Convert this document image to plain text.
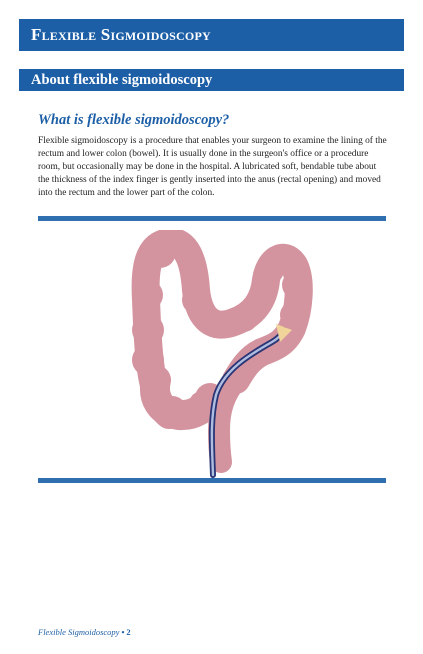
Flexible Sigmoidoscopy
About flexible sigmoidoscopy
What is flexible sigmoidoscopy?

Flexible sigmoidoscopy is a procedure that enables your surgeon to examine the lining of the rectum and lower colon (bowel). It is usually done in the surgeon's office or a procedure room, but occasionally may be done in the hospital. A lubricated soft, bendable tube about the thickness of the index finger is gently inserted into the anus (rectal opening) and moved into the rectum and the lower part of the colon.

Flexible Sigmoidoscopy • 2
